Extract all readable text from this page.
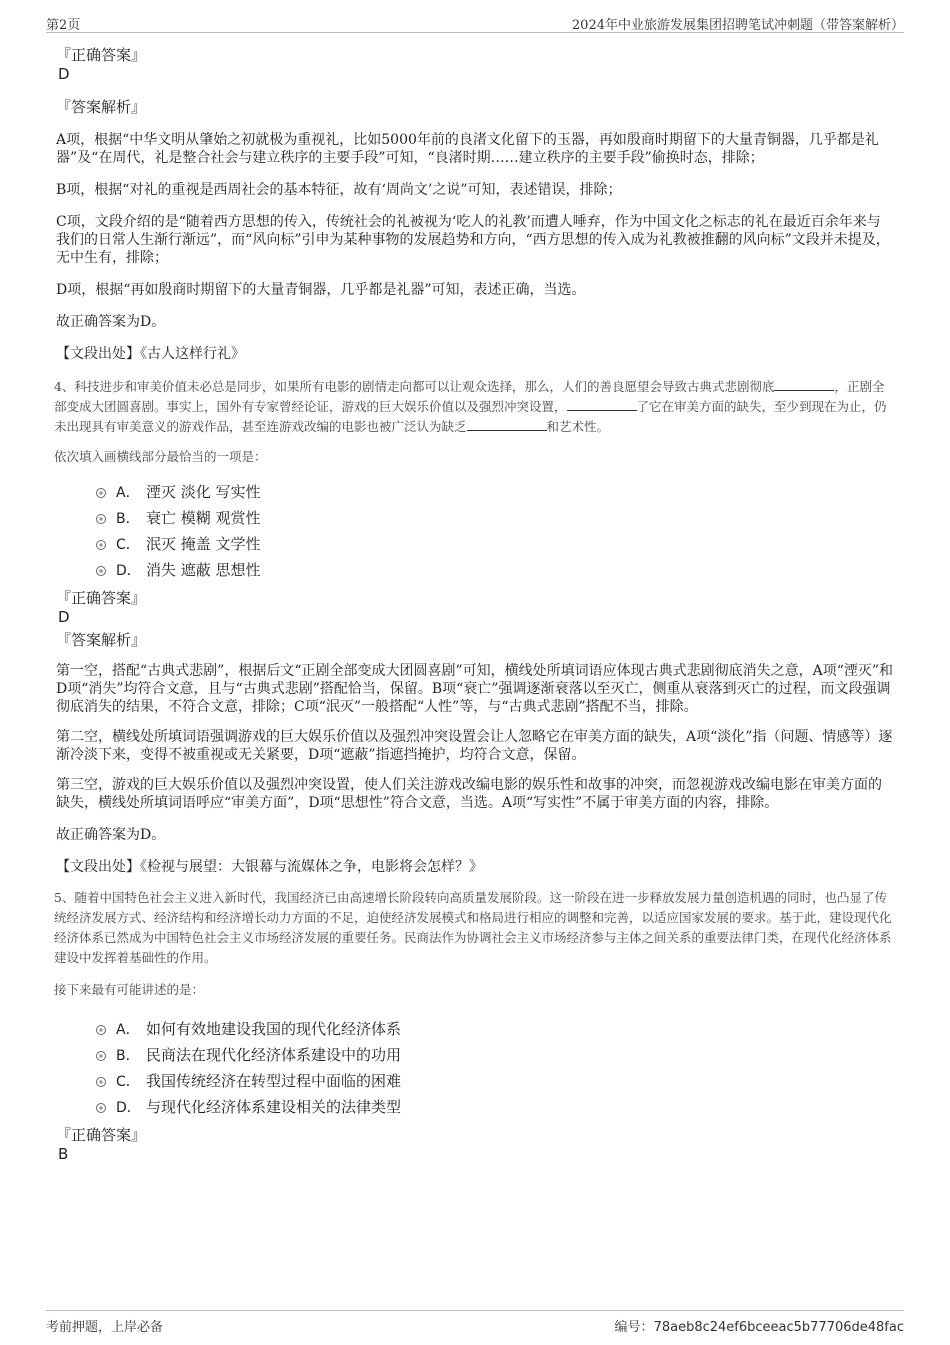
第2页	2024年中业旅游发展集团招聘笔试冲刺题（带答案解析）

『正确答案』

D

『答案解析』

A项，根据“中华文明从肇始之初就极为重视礼，比如5000年前的良渚文化留下的玉器，再如殷商时期留下的大量青铜器，几乎都是礼器”及“在周代，礼是整合社会与建立秩序的主要手段”可知，“良渚时期……建立秩序的主要手段”偷换时态，排除；

B项，根据“对礼的重视是西周社会的基本特征，故有‘周尚文’之说”可知，表述错误，排除；

C项，文段介绍的是“随着西方思想的传入，传统社会的礼被视为‘吃人的礼教’而遭人唾弃，作为中国文化之标志的礼在最近百余年来与我们的日常人生渐行渐远”，而“风向标”引申为某种事物的发展趋势和方向，“西方思想的传入成为礼教被推翻的风向标”文段并未提及，无中生有，排除；

D项，根据“再如殷商时期留下的大量青铜器，几乎都是礼器”可知，表述正确，当选。

故正确答案为D。

【文段出处】《古人这样行礼》

4、科技进步和审美价值未必总是同步，如果所有电影的剧情走向都可以让观众选择，那么，人们的善良愿望会导致古典式悲剧彻底	，正剧全部变成大团圆喜剧。事实上，国外有专家曾经论证，游戏的巨大娱乐价值以及强烈冲突设置，	了它在审美方面的缺失，至少到现在为止，仍未出现具有审美意义的游戏作品，甚至连游戏改编的电影也被广泛认为缺乏	和艺术性。

依次填入画横线部分最恰当的一项是：

A． 湮灭 淡化 写实性
B． 衰亡 模糊 观赏性
C． 泯灭 掩盖 文学性
D． 消失 遮蔽 思想性

『正确答案』

D

『答案解析』

第一空，搭配“古典式悲剧”，根据后文“正剧全部变成大团圆喜剧”可知，横线处所填词语应体现古典式悲剧彻底消失之意，A项“湮灭”和D项“消失”均符合文意，且与“古典式悲剧”搭配恰当，保留。B项“衰亡”强调逐渐衰落以至灭亡，侧重从衰落到灭亡的过程，而文段强调彻底消失的结果，不符合文意，排除；C项“泯灭”一般搭配“人性”等，与“古典式悲剧”搭配不当，排除。

第二空，横线处所填词语强调游戏的巨大娱乐价值以及强烈冲突设置会让人忽略它在审美方面的缺失，A项“淡化”指（问题、情感等）逐渐冷淡下来，变得不被重视或无关紧要，D项“遮蔽”指遮挡掩护，均符合文意，保留。

第三空，游戏的巨大娱乐价值以及强烈冲突设置，使人们关注游戏改编电影的娱乐性和故事的冲突，而忽视游戏改编电影在审美方面的缺失，横线处所填词语呼应“审美方面”，D项“思想性”符合文意，当选。A项“写实性”不属于审美方面的内容，排除。

故正确答案为D。

【文段出处】《检视与展望：大银幕与流媒体之争，电影将会怎样？》

5、随着中国特色社会主义进入新时代，我国经济已由高速增长阶段转向高质量发展阶段。这一阶段在进一步释放发展力量创造机遇的同时，也凸显了传统经济发展方式、经济结构和经济增长动力方面的不足，迫使经济发展模式和格局进行相应的调整和完善，以适应国家发展的要求。基于此，建设现代化经济体系已然成为中国特色社会主义市场经济发展的重要任务。民商法作为协调社会主义市场经济参与主体之间关系的重要法律门类，在现代化经济体系建设中发挥着基础性的作用。

接下来最有可能讲述的是：

A． 如何有效地建设我国的现代化经济体系
B． 民商法在现代化经济体系建设中的功用
C． 我国传统经济在转型过程中面临的困难
D． 与现代化经济体系建设相关的法律类型

『正确答案』

B

考前押题，上岸必备	编号：78aeb8c24ef6bceeac5b77706de48fac
